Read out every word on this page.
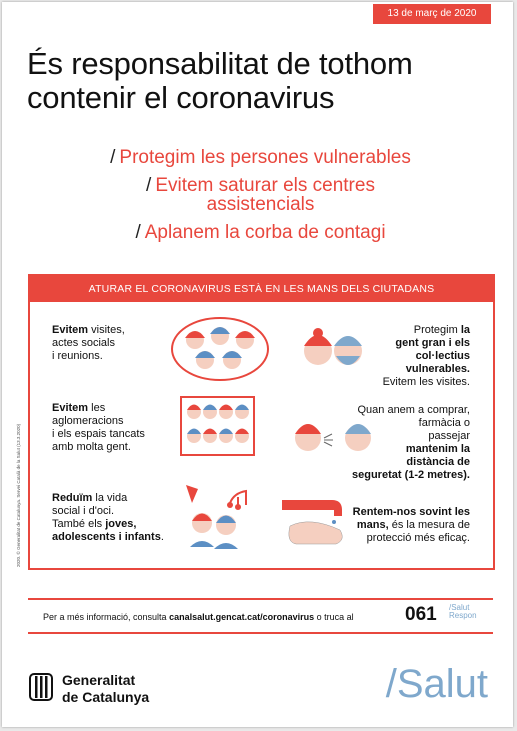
13 de març de 2020
És responsabilitat de tothom
contenir el coronavirus
/ Protegim les persones vulnerables
/ Evitem saturar els centres
assistencials
/ Aplanem la corba de contagi
ATURAR EL CORONAVIRUS ESTÀ EN LES MANS DELS CIUTADANS
Evitem visites,
actes socials
i reunions.
Protegim la
gent gran i els
col·lectius
vulnerables.
Evitem les visites.
Evitem les
aglomeracions
i els espais tancats
amb molta gent.
Quan anem a comprar,
farmàcia o
passejar
mantenim la
distància de
seguretat (1-2 metres).
Reduïm la vida
social i d'oci.
També els joves,
adolescents i infants.
Rentem-nos sovint les
mans, és la mesura de
protecció més eficaç.
2020. © Generalitat de Catalunya. Servei Català de la Salut (13.3.2020)
Per a més informació, consulta canalsalut.gencat.cat/coronavirus o truca al	061 /Salut
Respon
Generalitat
de Catalunya	/Salut
